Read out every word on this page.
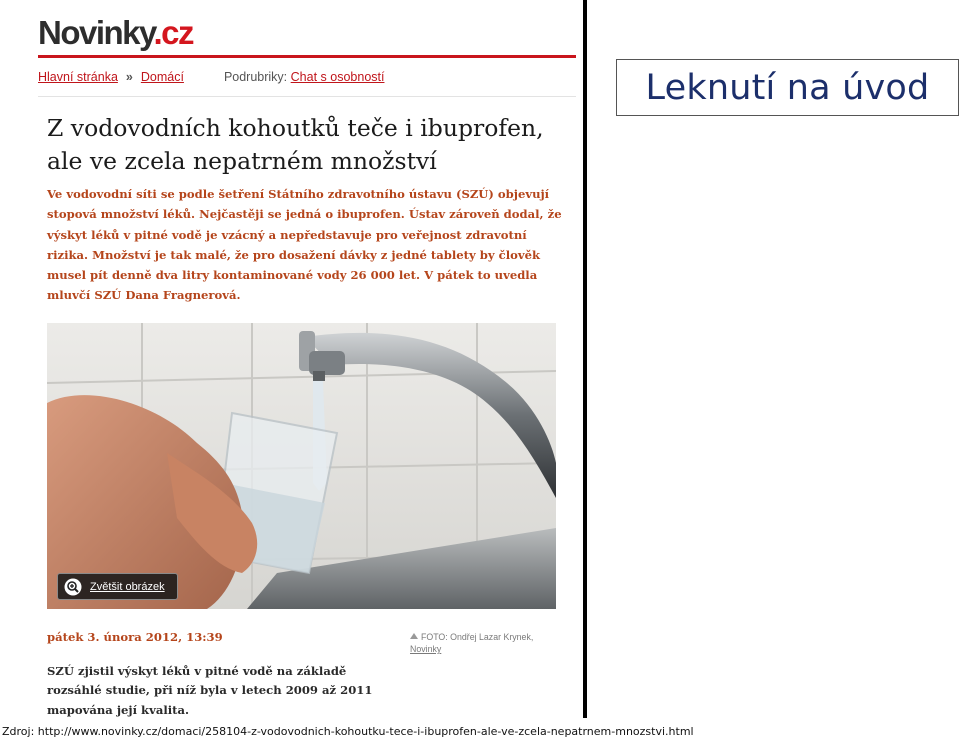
Novinky.cz
Hlavní stránka » Domácí	Podrubriky: Chat s osobností
Z vodovodních kohoutků teče i ibuprofen, ale ve zcela nepatrném množství

Ve vodovodní síti se podle šetření Státního zdravotního ústavu (SZÚ) objevují stopová množství léků. Nejčastěji se jedná o ibuprofen. Ústav zároveň dodal, že výskyt léků v pitné vodě je vzácný a nepředstavuje pro veřejnost zdravotní rizika. Množství je tak malé, že pro dosažení dávky z jedné tablety by člověk musel pít denně dva litry kontaminované vody 26 000 let. V pátek to uvedla mluvčí SZÚ Dana Fragnerová.

Zvětšit obrázek
pátek 3. února 2012, 13:39	FOTO: Ondřej Lazar Krynek,
Novinky

SZÚ zjistil výskyt léků v pitné vodě na základě rozsáhlé studie, při níž byla v letech 2009 až 2011 mapována její kvalita.

Leknutí na úvod
Zdroj: http://www.novinky.cz/domaci/258104-z-vodovodnich-kohoutku-tece-i-ibuprofen-ale-ve-zcela-nepatrnem-mnozstvi.html
